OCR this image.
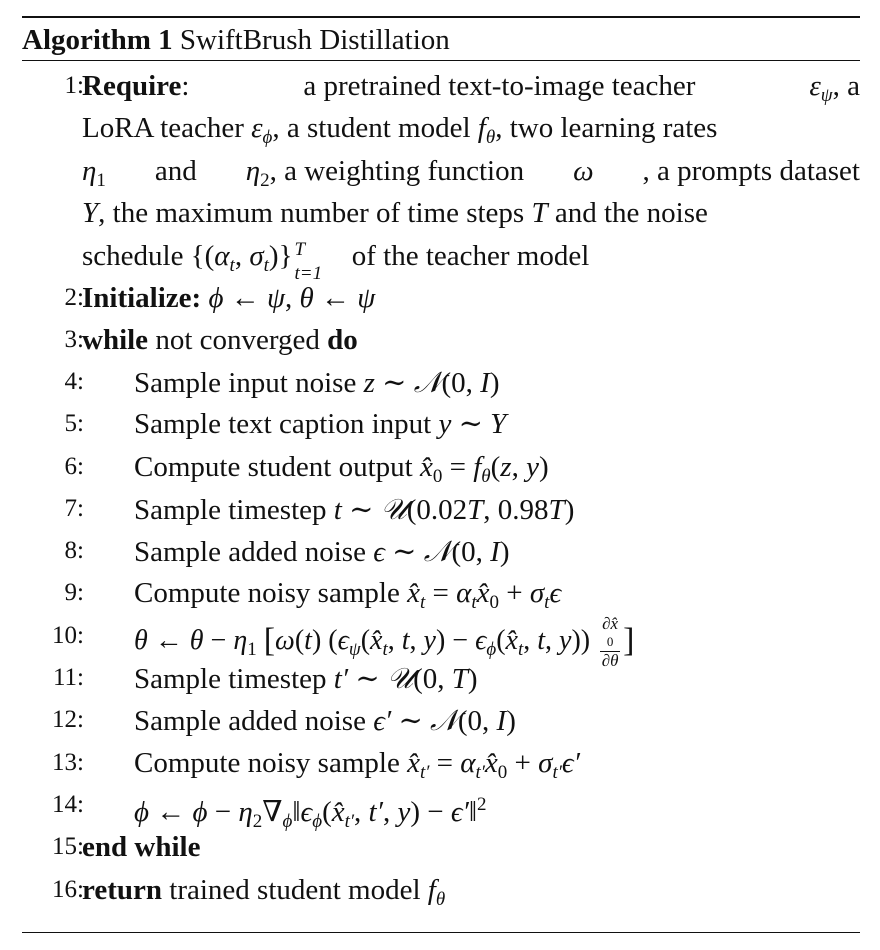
Algorithm 1 SwiftBrush Distillation
1:
Require:	a pretrained text-to-image teacher	$\varepsilon_\psi$, a
LoRA teacher $\varepsilon_\phi$, a student model $f_\theta$, two learning rates
$\eta_1$ and $\eta_2$, a weighting function ω , a prompts dataset
Y, the maximum number of time steps T and the noise
schedule {($\alpha_t$, $\sigma_t$)} T
t=1
of the teacher model
2:
Initialize: ϕ ← ψ, θ ← ψ
3:
while not converged do
4: Sample input noise z ∼ 𝒩(0, I)
5: Sample text caption input y ∼ Y
6: Compute student output $x̂_0 = f_\theta(z$, y)
7: Sample timestep t ∼ 𝒰(0.02T, 0.98T)
8: Sample added noise ϵ ∼ 𝒩(0, I)
9: Compute noisy sample $x̂_t$ = $\alpha_tx̂_0 + \sigma_t\epsilon$
10: θ ← $\theta - \eta_1$ [ω(t) ($\epsilon_\psi(x̂_t$, t, $y) - \epsilon_\phi(x̂_t$, t, y)) ∂x̂
0
∂θ ]
11: Sample timestep t′ ∼ 𝒰(0, T)
12: Sample added noise ϵ′ ∼ 𝒩(0, I)
13: Compute noisy sample $x̂_{t'}$ = $\alpha_{t'}x̂_0 + \sigma_{t'}\epsilon'$
14: ϕ ← $\phi - \eta_2\nabla_\phi‖\epsilon_\phi(x̂_{t'}$, t′, y) − ϵ′‖$^2$
15:
end while
16:
return trained student model $f_\theta$
